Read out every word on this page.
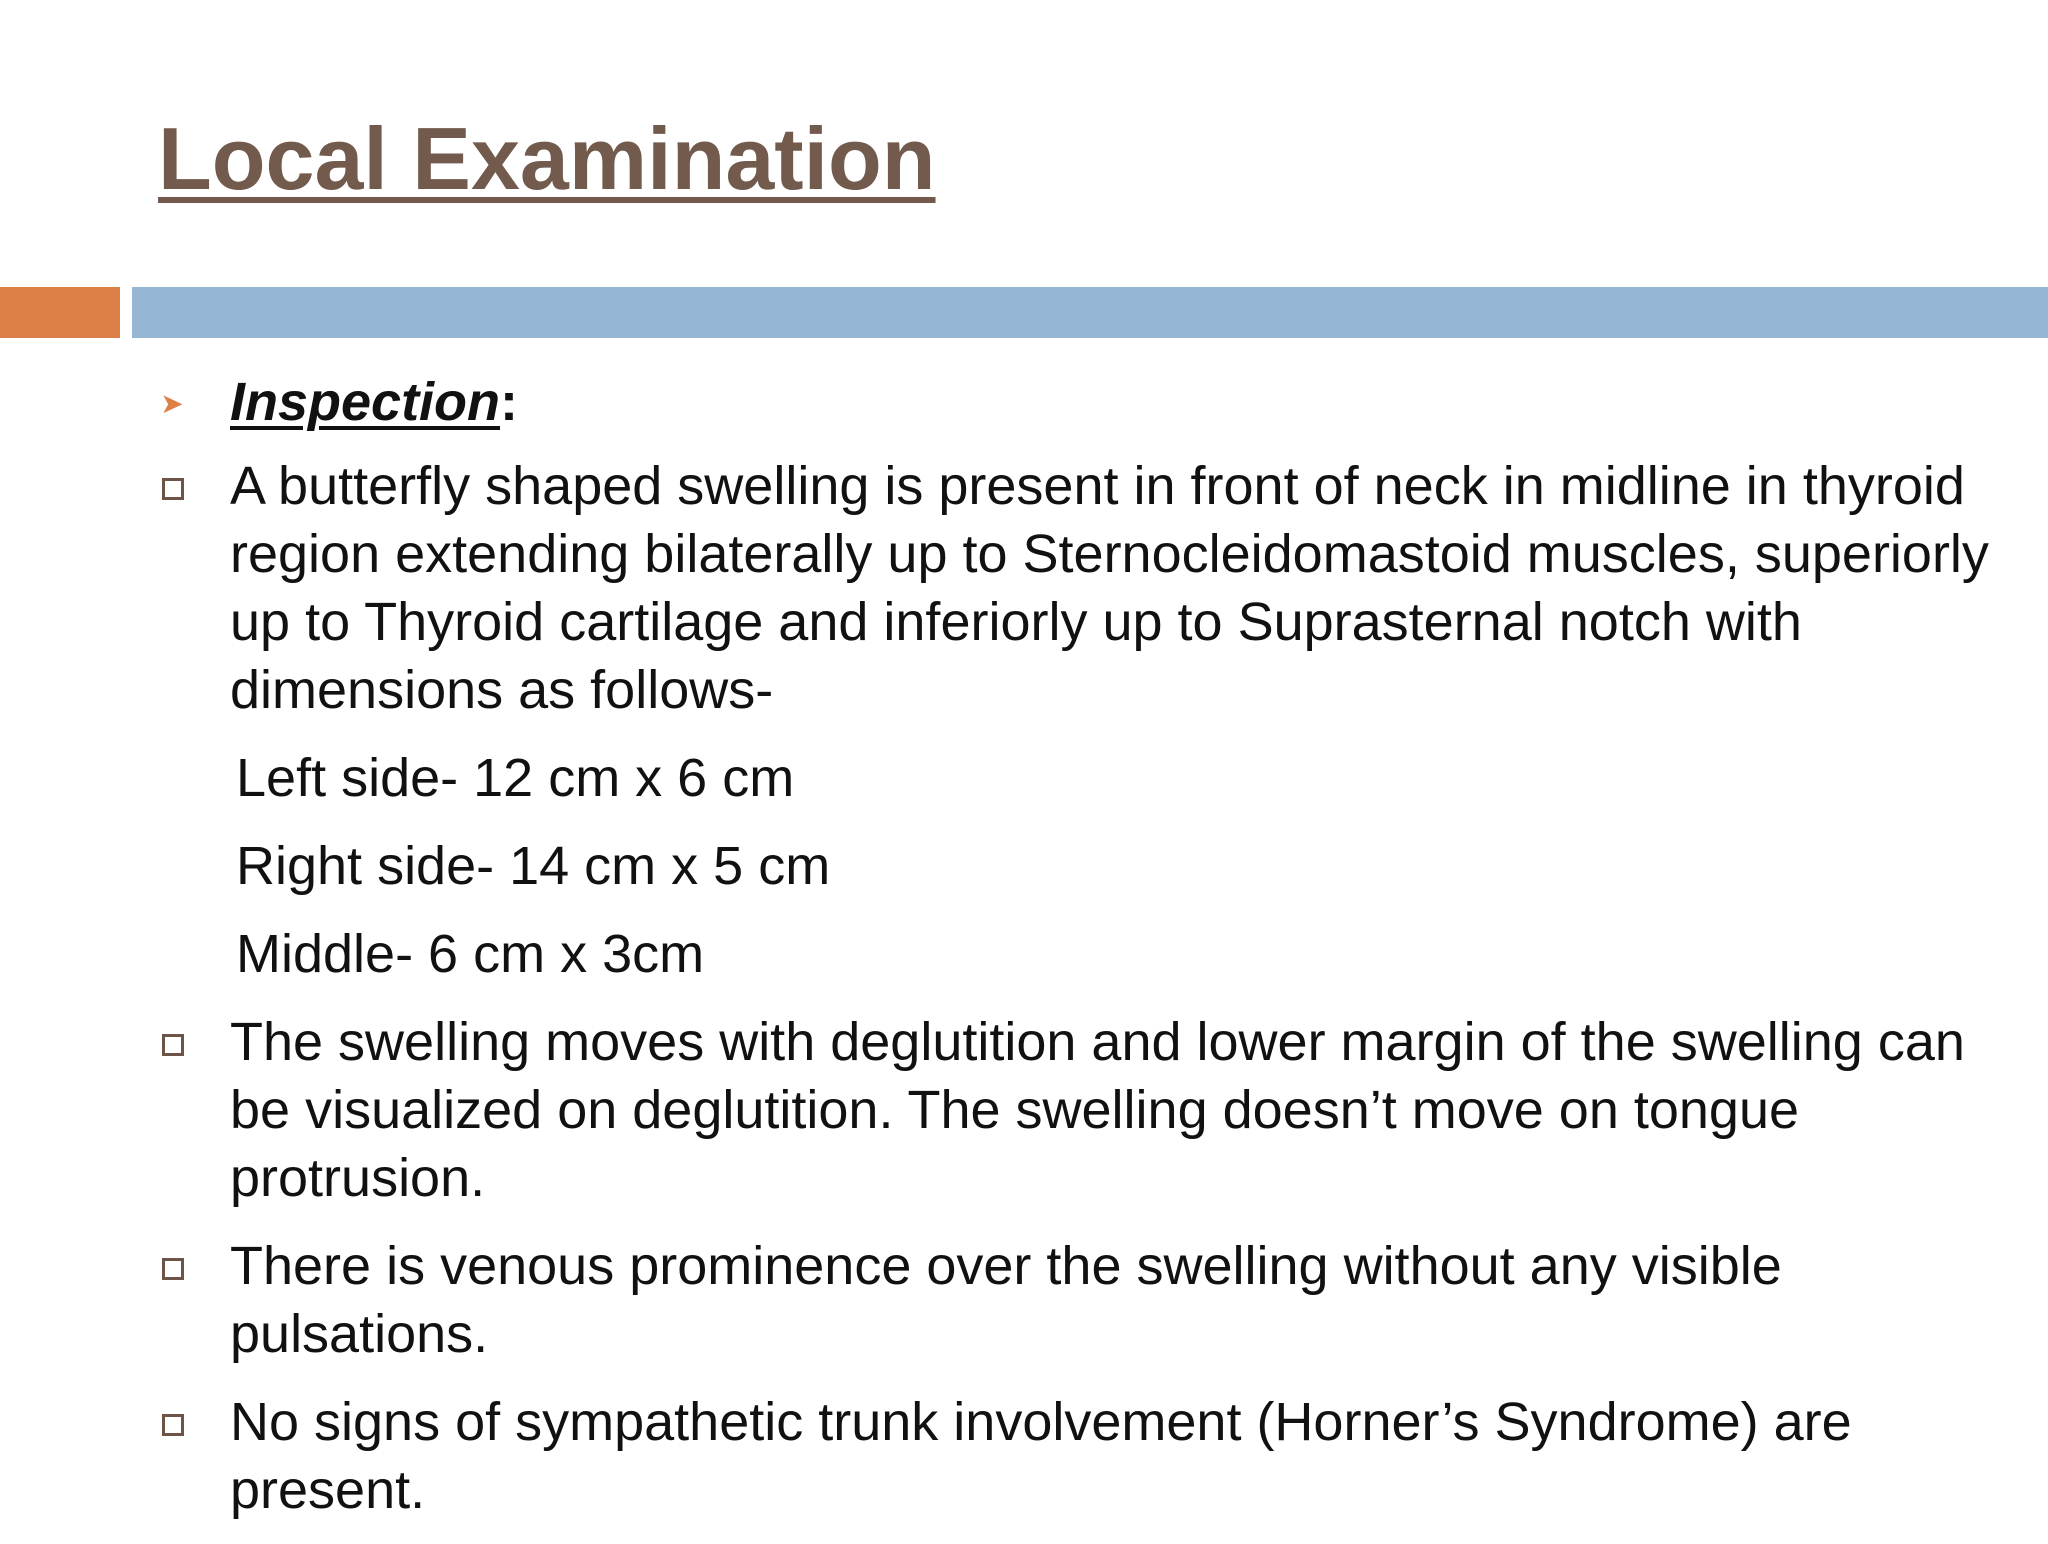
Local Examination
➤ Inspection:
A butterfly shaped swelling is present in front of neck in midline in thyroid region extending bilaterally up to Sternocleidomastoid muscles, superiorly up to Thyroid cartilage and inferiorly up to Suprasternal notch with dimensions as follows-
Left side- 12 cm x 6 cm
Right side- 14 cm x 5 cm
Middle- 6 cm x 3cm
The swelling moves with deglutition and lower margin of the swelling can be visualized on deglutition. The swelling doesn’t move on tongue protrusion.
There is venous prominence over the swelling without any visible pulsations.
No signs of sympathetic trunk involvement (Horner’s Syndrome) are present.
